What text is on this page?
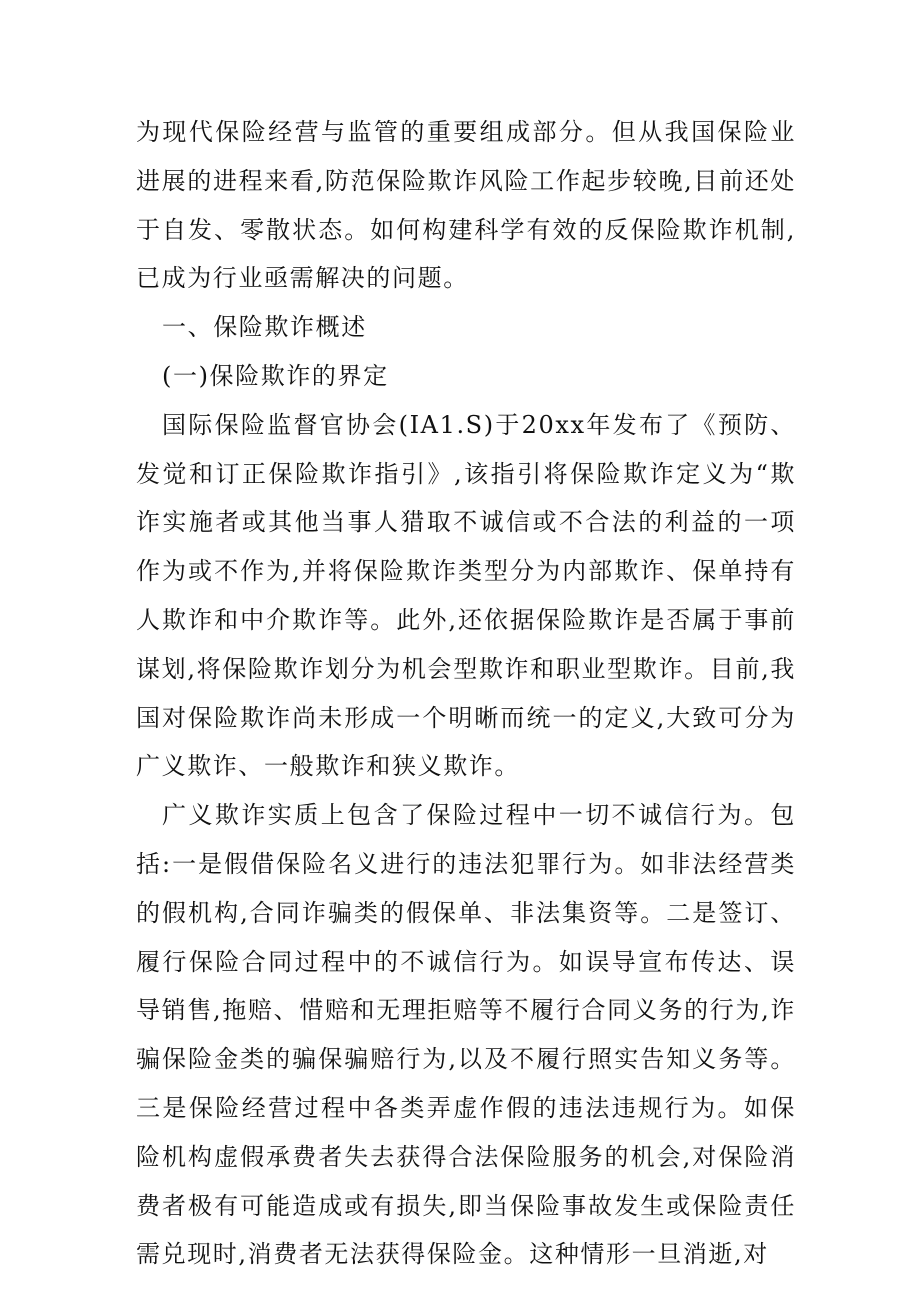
为现代保险经营与监管的重要组成部分。但从我国保险业进展的进程来看,防范保险欺诈风险工作起步较晚,目前还处于自发、零散状态。如何构建科学有效的反保险欺诈机制,已成为行业亟需解决的问题。

一、保险欺诈概述

(一)保险欺诈的界定

国际保险监督官协会(IA1.S)于20xx年发布了《预防、发觉和订正保险欺诈指引》,该指引将保险欺诈定义为“欺诈实施者或其他当事人猎取不诚信或不合法的利益的一项作为或不作为,并将保险欺诈类型分为内部欺诈、保单持有人欺诈和中介欺诈等。此外,还依据保险欺诈是否属于事前谋划,将保险欺诈划分为机会型欺诈和职业型欺诈。目前,我国对保险欺诈尚未形成一个明晰而统一的定义,大致可分为广义欺诈、一般欺诈和狭义欺诈。

广义欺诈实质上包含了保险过程中一切不诚信行为。包括:一是假借保险名义进行的违法犯罪行为。如非法经营类的假机构,合同诈骗类的假保单、非法集资等。二是签订、履行保险合同过程中的不诚信行为。如误导宣布传达、误导销售,拖赔、惜赔和无理拒赔等不履行合同义务的行为,诈骗保险金类的骗保骗赔行为,以及不履行照实告知义务等。三是保险经营过程中各类弄虚作假的违法违规行为。如保险机构虚假承费者失去获得合法保险服务的机会,对保险消费者极有可能造成或有损失,即当保险事故发生或保险责任需兑现时,消费者无法获得保险金。这种情形一旦消逝,对
